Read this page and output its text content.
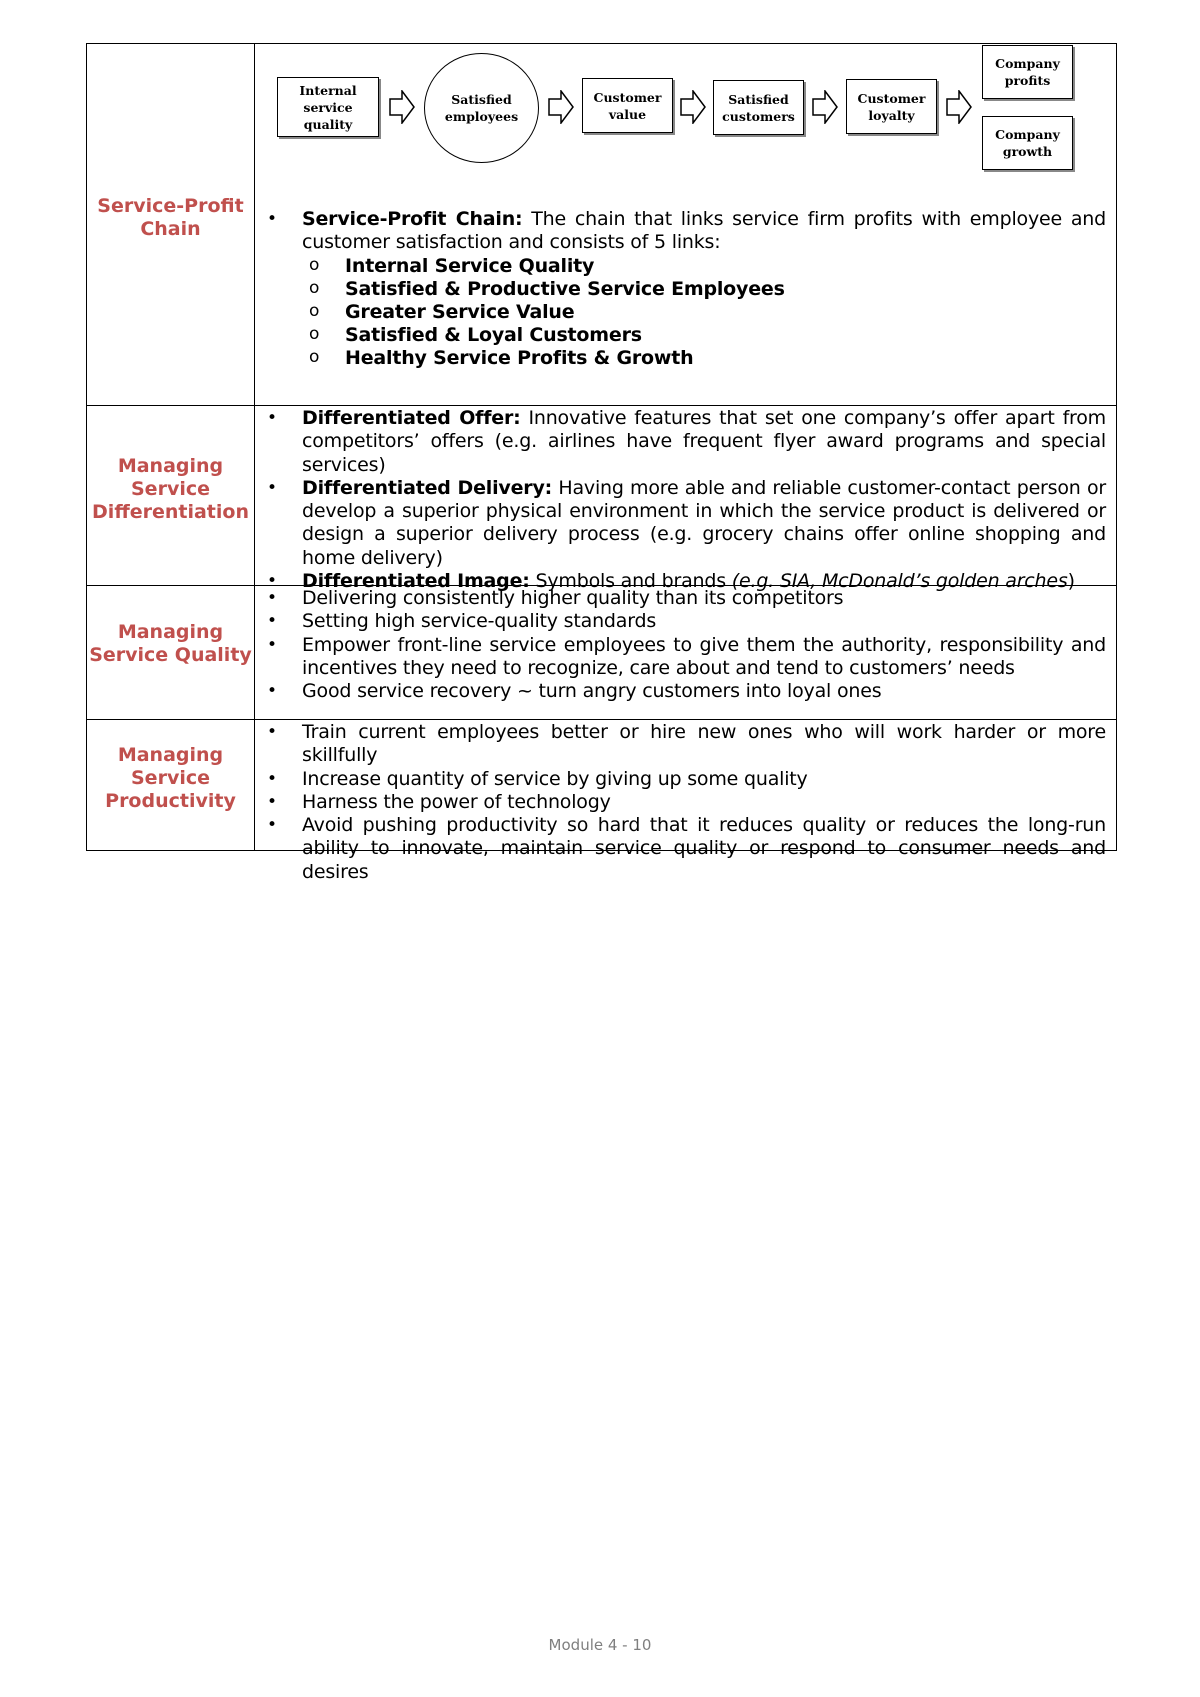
Service-Profit
Chain
Internal
service quality
Satisfied
employees
Customer
value
Satisfied
customers
Customer
loyalty
Company
profits
Company
growth
• Service-Profit Chain: The chain that links service firm profits with employee and customer satisfaction and consists of 5 links:
o Internal Service Quality
o Satisfied & Productive Service Employees
o Greater Service Value
o Satisfied & Loyal Customers
o Healthy Service Profits & Growth
Managing
Service
Differentiation
• Differentiated Offer: Innovative features that set one company’s offer apart from competitors’ offers (e.g. airlines have frequent flyer award programs and special services)
• Differentiated Delivery: Having more able and reliable customer-contact person or develop a superior physical environment in which the service product is delivered or design a superior delivery process (e.g. grocery chains offer online shopping and home delivery)
• Differentiated Image: Symbols and brands (e.g. SIA, McDonald’s golden arches)
Managing
Service Quality
• Delivering consistently higher quality than its competitors
• Setting high service-quality standards
• Empower front-line service employees to give them the authority, responsibility and incentives they need to recognize, care about and tend to customers’ needs
• Good service recovery ~ turn angry customers into loyal ones
Managing
Service
Productivity
• Train current employees better or hire new ones who will work harder or more skillfully
• Increase quantity of service by giving up some quality
• Harness the power of technology
• Avoid pushing productivity so hard that it reduces quality or reduces the long-run ability to innovate, maintain service quality or respond to consumer needs and desires
Module 4 - 10
